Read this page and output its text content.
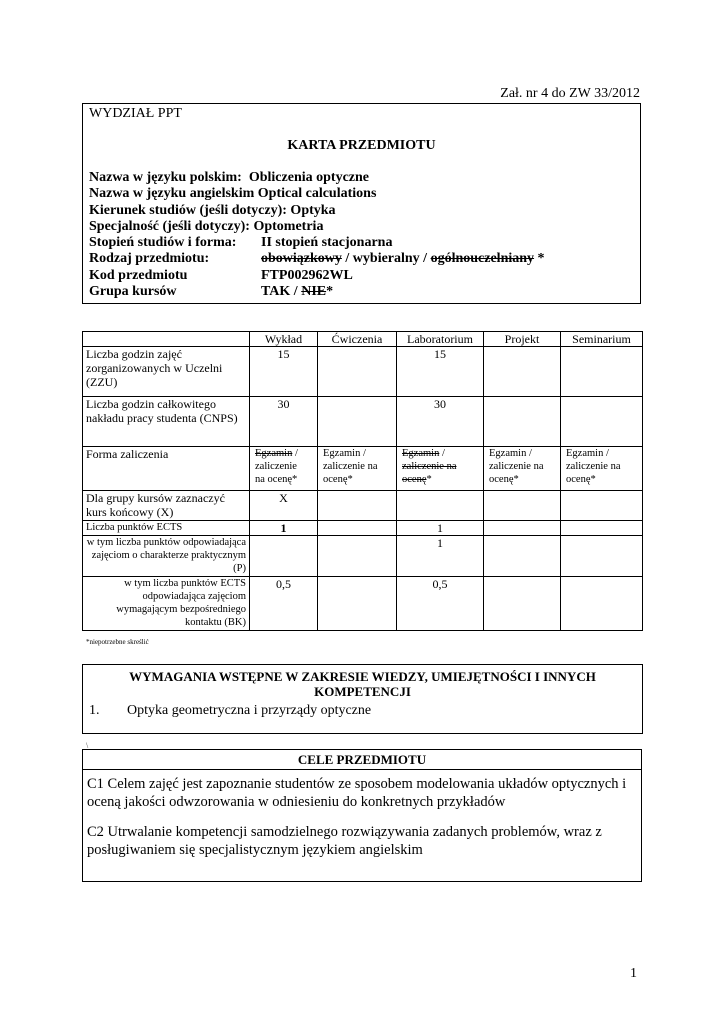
Zał. nr 4 do ZW 33/2012
WYDZIAŁ PPT
KARTA PRZEDMIOTU
Nazwa w języku polskim: Obliczenia optyczne
Nazwa w języku angielskim Optical calculations
Kierunek studiów (jeśli dotyczy): Optyka
Specjalność (jeśli dotyczy): Optometria
Stopień studiów i forma: II stopień stacjonarna
Rodzaj przedmiotu:	obowiązkowy / wybieralny / ogólnouczelniany *
Kod przedmiotu	FTP002962WL
Grupa kursów	TAK / NIE*
	Wykład	Ćwiczenia	Laboratorium	Projekt	Seminarium
Liczba godzin zajęć zorganizowanych w Uczelni (ZZU)	15		15		
Liczba godzin całkowitego nakładu pracy studenta (CNPS)	30		30		
Forma zaliczenia	Egzamin /
zaliczenie
na ocenę*	Egzamin /
zaliczenie na
ocenę*	Egzamin /
zaliczenie na
ocenę*	Egzamin /
zaliczenie na
ocenę*	Egzamin /
zaliczenie na
ocenę*
Dla grupy kursów zaznaczyć kurs końcowy (X)	X				
Liczba punktów ECTS	1		1		
w tym liczba punktów odpowiadająca zajęciom o charakterze praktycznym (P)			1		
w tym liczba punktów ECTS odpowiadająca zajęciom wymagającym bezpośredniego kontaktu (BK)	0,5		0,5		
*niepotrzebne skreślić
WYMAGANIA WSTĘPNE W ZAKRESIE WIEDZY, UMIEJĘTNOŚCI I INNYCH KOMPETENCJI
1. Optyka geometryczna i przyrządy optyczne
\
CELE PRZEDMIOTU
C1 Celem zajęć jest zapoznanie studentów ze sposobem modelowania układów optycznych i oceną jakości odwzorowania w odniesieniu do konkretnych przykładów
C2 Utrwalanie kompetencji samodzielnego rozwiązywania zadanych problemów, wraz z posługiwaniem się specjalistycznym językiem angielskim
1
